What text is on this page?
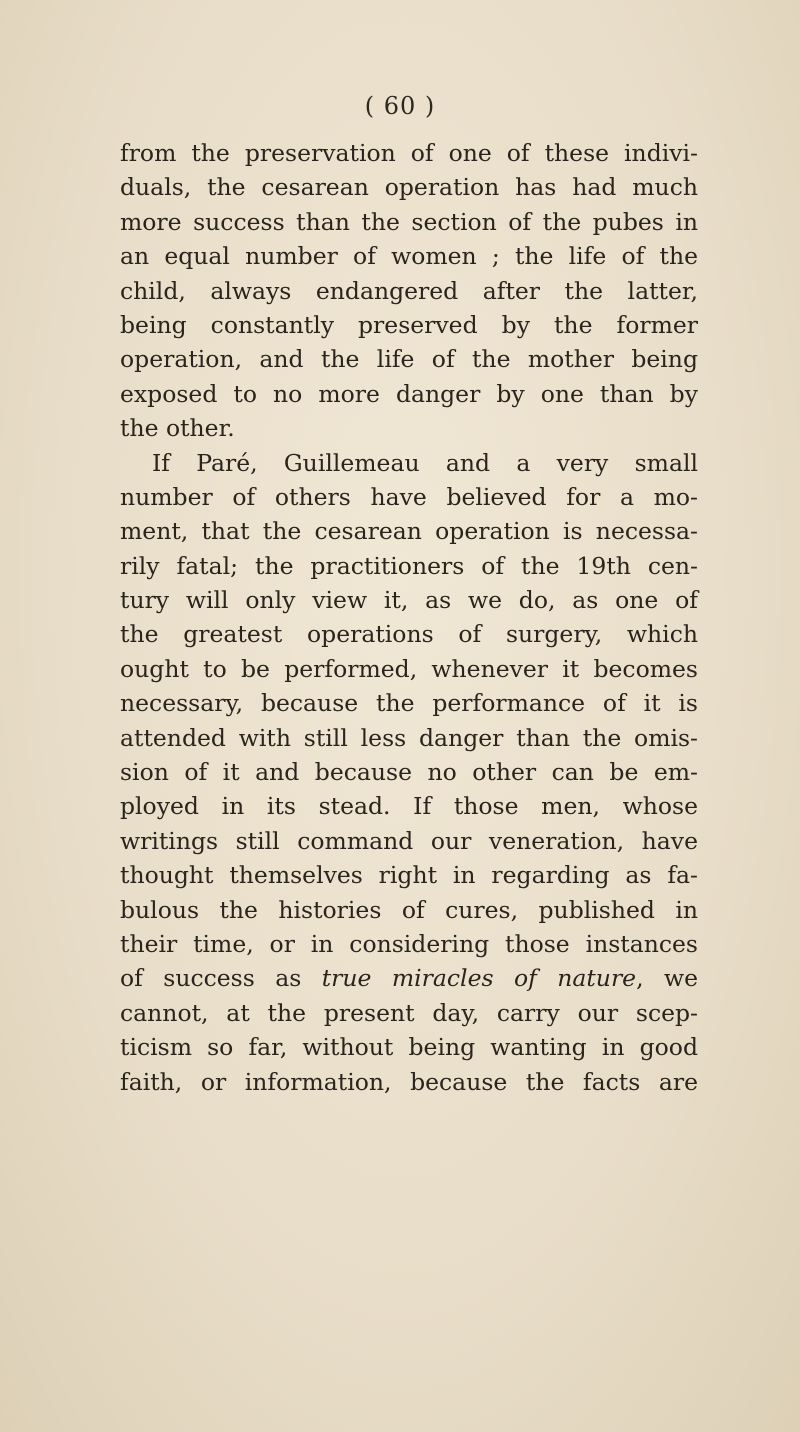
( 60 )
from the preservation of one of these indivi-
duals, the cesarean operation has had much
more success than the section of the pubes in
an equal number of women ; the life of the
child, always endangered after the latter,
being constantly preserved by the former
operation, and the life of the mother being
exposed to no more danger by one than by
the other.
If Paré, Guillemeau and a very small
number of others have believed for a mo-
ment, that the cesarean operation is necessa-
rily fatal; the practitioners of the 19th cen-
tury will only view it, as we do, as one of
the greatest operations of surgery, which
ought to be performed, whenever it becomes
necessary, because the performance of it is
attended with still less danger than the omis-
sion of it and because no other can be em-
ployed in its stead. If those men, whose
writings still command our veneration, have
thought themselves right in regarding as fa-
bulous the histories of cures, published in
their time, or in considering those instances
of success as true miracles of nature, we
cannot, at the present day, carry our scep-
ticism so far, without being wanting in good
faith, or information, because the facts are
